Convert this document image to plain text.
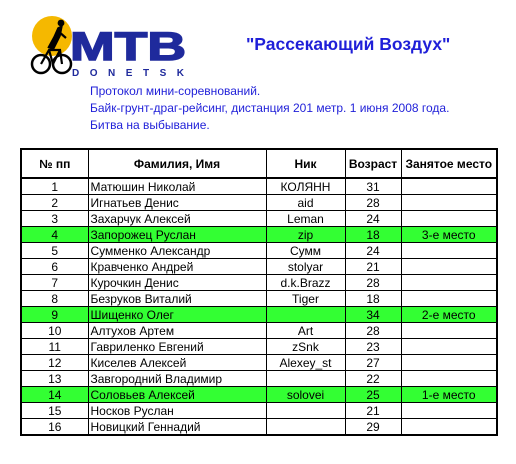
MTB
DONETSK
"Рассекающий Воздух"
Протокол мини-соревнований.
Байк-грунт-драг-рейсинг, дистанция 201 метр. 1 июня 2008 года.
Битва на выбывание.
№ пп	Фамилия, Имя	Ник	Возраст	Занятое место
1	Матюшин Николай	КОЛЯНН	31	
2	Игнатьев Денис	aid	28	
3	Захарчук Алексей	Leman	24	
4	Запорожец Руслан	zip	18	3-е место
5	Сумменко Александр	Сумм	24	
6	Кравченко Андрей	stolyar	21	
7	Курочкин Денис	d.k.Brazz	28	
8	Безруков Виталий	Tiger	18	
9	Шищенко Олег		34	2-е место
10	Алтухов Артем	Art	28	
11	Гавриленко Евгений	zSnk	23	
12	Киселев Алексей	Alexey_st	27	
13	Завгородний Владимир		22	
14	Соловьев Алексей	solovei	25	1-е место
15	Носков Руслан		21	
16	Новицкий Геннадий		29	
